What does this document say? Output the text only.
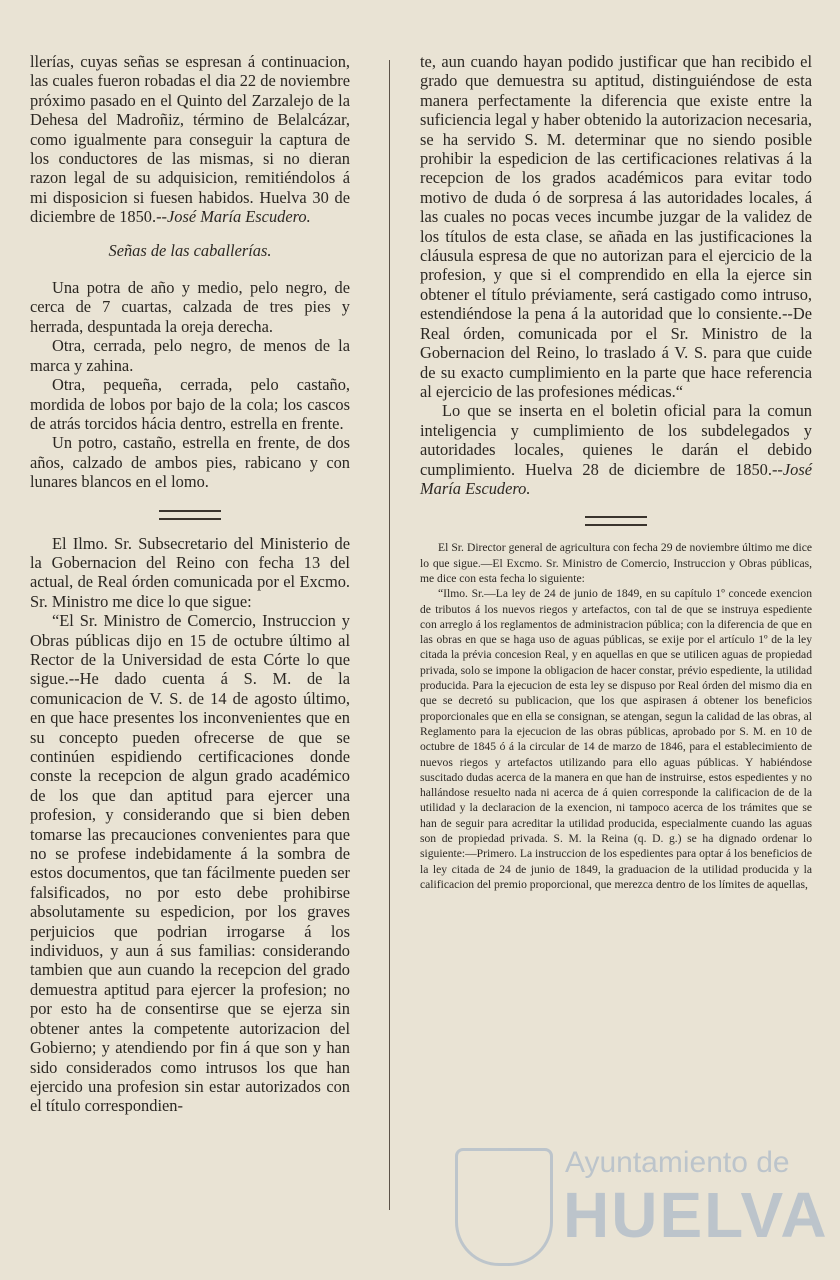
llerías, cuyas señas se espresan á continuacion, las cuales fueron robadas el dia 22 de noviembre próximo pasado en el Quinto del Zarzalejo de la Dehesa del Madroñiz, término de Belalcázar, como igualmente para conseguir la captura de los conductores de las mismas, si no dieran razon legal de su adquisicion, remitiéndolos á mi disposicion si fuesen habidos. Huelva 30 de diciembre de 1850.--José María Escudero.

Señas de las caballerías.

Una potra de año y medio, pelo negro, de cerca de 7 cuartas, calzada de tres pies y herrada, despuntada la oreja derecha.

Otra, cerrada, pelo negro, de menos de la marca y zahina.

Otra, pequeña, cerrada, pelo castaño, mordida de lobos por bajo de la cola; los cascos de atrás torcidos hácia dentro, estrella en frente.

Un potro, castaño, estrella en frente, de dos años, calzado de ambos pies, rabicano y con lunares blancos en el lomo.

El Ilmo. Sr. Subsecretario del Ministerio de la Gobernacion del Reino con fecha 13 del actual, de Real órden comunicada por el Excmo. Sr. Ministro me dice lo que sigue:

“El Sr. Ministro de Comercio, Instruccion y Obras públicas dijo en 15 de octubre último al Rector de la Universidad de esta Córte lo que sigue.--He dado cuenta á S. M. de la comunicacion de V. S. de 14 de agosto último, en que hace presentes los inconvenientes que en su concepto pueden ofrecerse de que se continúen espidiendo certificaciones donde conste la recepcion de algun grado académico de los que dan aptitud para ejercer una profesion, y considerando que si bien deben tomarse las precauciones convenientes para que no se profese indebidamente á la sombra de estos documentos, que tan fácilmente pueden ser falsificados, no por esto debe prohibirse absolutamente su espedicion, por los graves perjuicios que podrian irrogarse á los individuos, y aun á sus familias: considerando tambien que aun cuando la recepcion del grado demuestra aptitud para ejercer la profesion; no por esto ha de consentirse que se ejerza sin obtener antes la competente autorizacion del Gobierno; y atendiendo por fin á que son y han sido considerados como intrusos los que han ejercido una profesion sin estar autorizados con el título correspondien-

te, aun cuando hayan podido justificar que han recibido el grado que demuestra su aptitud, distinguiéndose de esta manera perfectamente la diferencia que existe entre la suficiencia legal y haber obtenido la autorizacion necesaria, se ha servido S. M. determinar que no siendo posible prohibir la espedicion de las certificaciones relativas á la recepcion de los grados académicos para evitar todo motivo de duda ó de sorpresa á las autoridades locales, á las cuales no pocas veces incumbe juzgar de la validez de los títulos de esta clase, se añada en las justificaciones la cláusula espresa de que no autorizan para el ejercicio de la profesion, y que si el comprendido en ella la ejerce sin obtener el título préviamente, será castigado como intruso, estendiéndose la pena á la autoridad que lo consiente.--De Real órden, comunicada por el Sr. Ministro de la Gobernacion del Reino, lo traslado á V. S. para que cuide de su exacto cumplimiento en la parte que hace referencia al ejercicio de las profesiones médicas.“

Lo que se inserta en el boletin oficial para la comun inteligencia y cumplimiento de los subdelegados y autoridades locales, quienes le darán el debido cumplimiento. Huelva 28 de diciembre de 1850.--José María Escudero.

El Sr. Director general de agricultura con fecha 29 de noviembre último me dice lo que sigue.—El Excmo. Sr. Ministro de Comercio, Instruccion y Obras públicas, me dice con esta fecha lo siguiente:

“Ilmo. Sr.—La ley de 24 de junio de 1849, en su capítulo 1º concede exencion de tributos á los nuevos riegos y artefactos, con tal de que se instruya espediente con arreglo á los reglamentos de administracion pública; con la diferencia de que en las obras en que se haga uso de aguas públicas, se exije por el artículo 1º de la ley citada la prévia concesion Real, y en aquellas en que se utilicen aguas de propiedad privada, solo se impone la obligacion de hacer constar, prévio espediente, la utilidad producida. Para la ejecucion de esta ley se dispuso por Real órden del mismo dia en que se decretó su publicacion, que los que aspirasen á obtener los beneficios proporcionales que en ella se consignan, se atengan, segun la calidad de las obras, al Reglamento para la ejecucion de las obras públicas, aprobado por S. M. en 10 de octubre de 1845 ó á la circular de 14 de marzo de 1846, para el establecimiento de nuevos riegos y artefactos utilizando para ello aguas públicas. Y habiéndose suscitado dudas acerca de la manera en que han de instruirse, estos espedientes y no hallándose resuelto nada ni acerca de á quien corresponde la calificacion de de la utilidad y la declaracion de la exencion, ni tampoco acerca de los trámites que se han de seguir para acreditar la utilidad producida, especialmente cuando las aguas son de propiedad privada. S. M. la Reina (q. D. g.) se ha dignado ordenar lo siguiente:—Primero. La instruccion de los espedientes para optar á los beneficios de la ley citada de 24 de junio de 1849, la graduacion de la utilidad producida y la calificacion del premio proporcional, que merezca dentro de los límites de aquellas,

Ayuntamiento de
HUELVA
